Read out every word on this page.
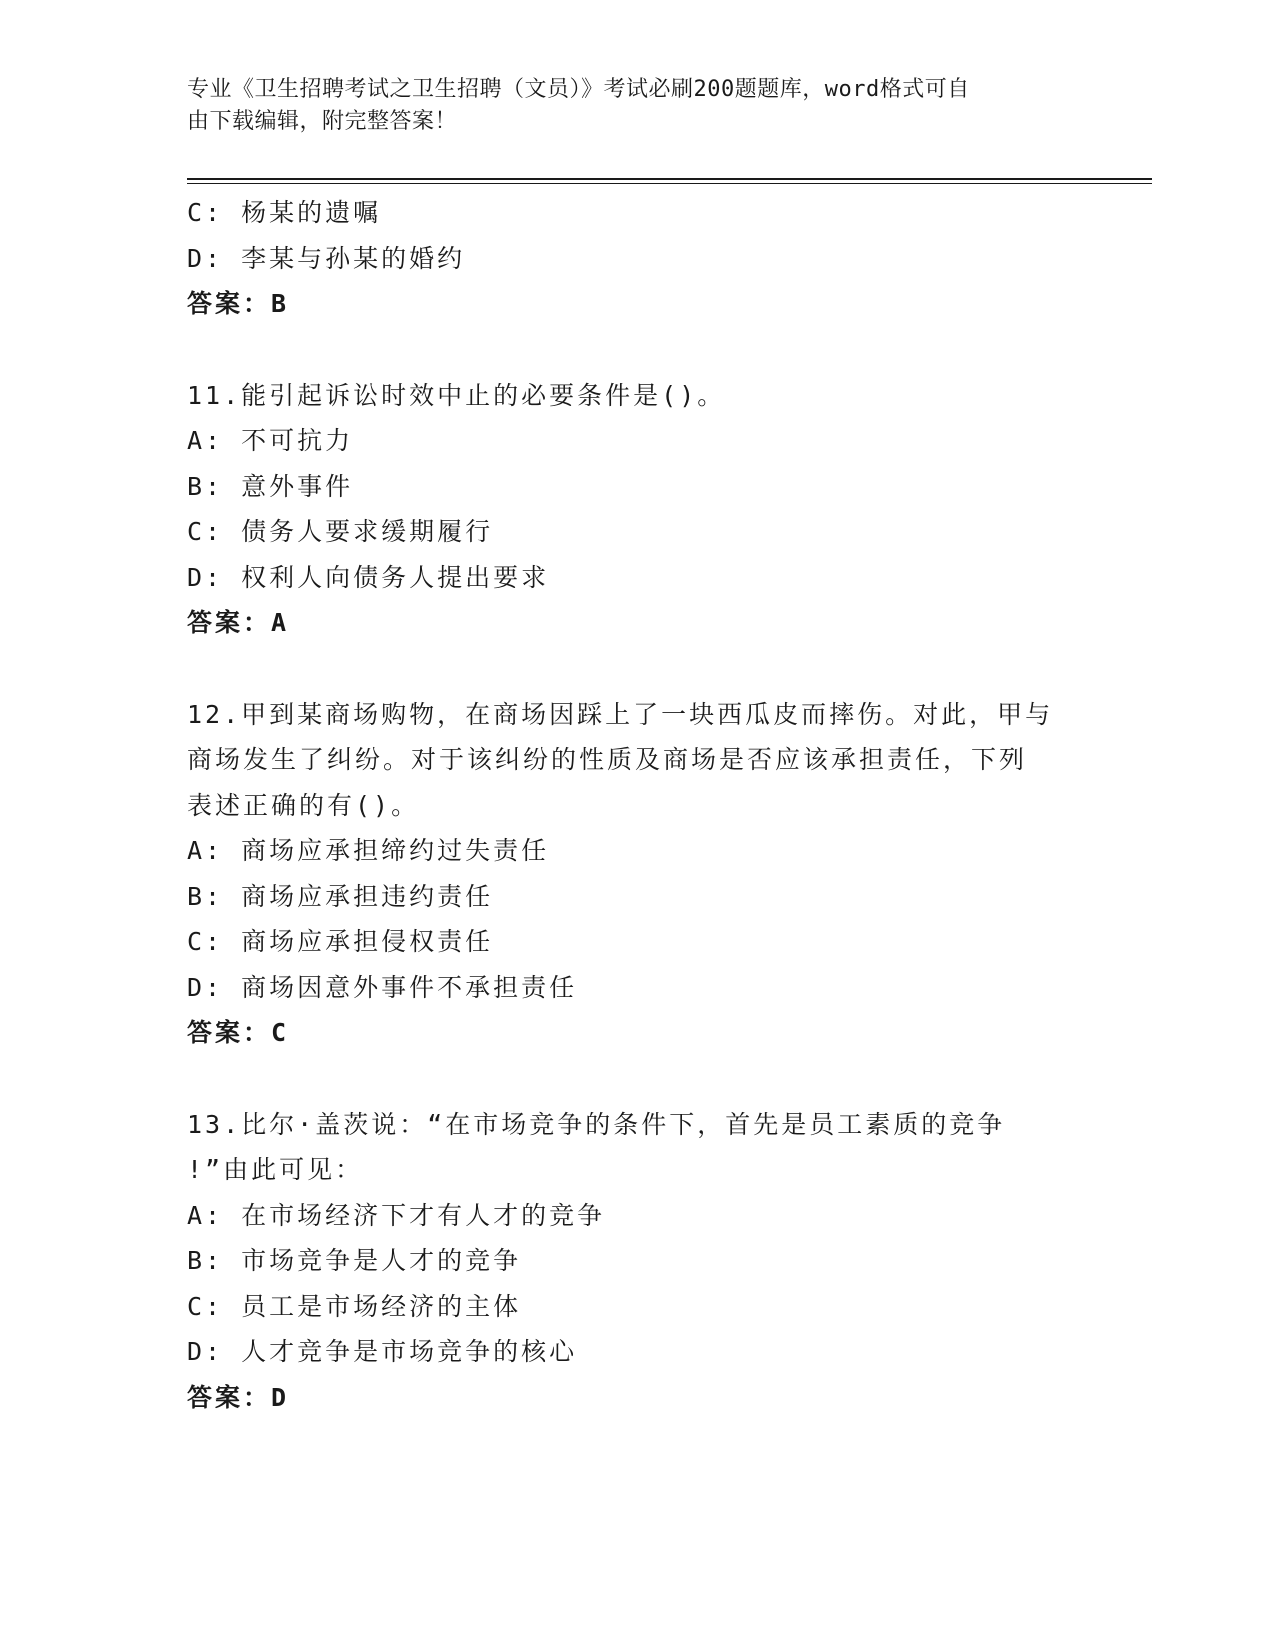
专业《卫生招聘考试之卫生招聘（文员）》考试必刷200题题库，word格式可自
由下载编辑，附完整答案！
C: 杨某的遗嘱
D: 李某与孙某的婚约
答案：B
11.能引起诉讼时效中止的必要条件是()。
A: 不可抗力
B: 意外事件
C: 债务人要求缓期履行
D: 权利人向债务人提出要求
答案：A
12.甲到某商场购物，在商场因踩上了一块西瓜皮而摔伤。对此，甲与
商场发生了纠纷。对于该纠纷的性质及商场是否应该承担责任，下列
表述正确的有()。
A: 商场应承担缔约过失责任
B: 商场应承担违约责任
C: 商场应承担侵权责任
D: 商场因意外事件不承担责任
答案：C
13.比尔·盖茨说：“在市场竞争的条件下，首先是员工素质的竞争
!”由此可见：
A: 在市场经济下才有人才的竞争
B: 市场竞争是人才的竞争
C: 员工是市场经济的主体
D: 人才竞争是市场竞争的核心
答案：D
